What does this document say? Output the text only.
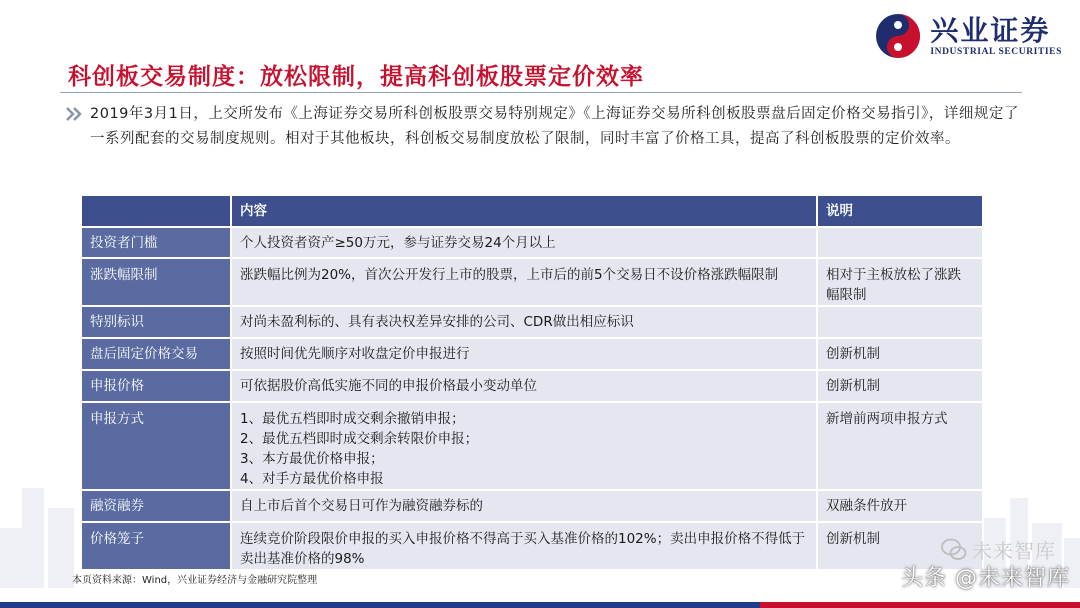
兴业证券
INDUSTRIAL SECURITIES
科创板交易制度：放松限制，提高科创板股票定价效率
2019年3月1日，上交所发布《上海证券交易所科创板股票交易特别规定》《上海证券交易所科创板股票盘后固定价格交易指引》，详细规定了一系列配套的交易制度规则。相对于其他板块，科创板交易制度放松了限制，同时丰富了价格工具，提高了科创板股票的定价效率。
	内容	说明
投资者门槛	个人投资者资产≥50万元，参与证券交易24个月以上	
涨跌幅限制	涨跌幅比例为20%，首次公开发行上市的股票，上市后的前5个交易日不设价格涨跌幅限制	相对于主板放松了涨跌幅限制
特别标识	对尚未盈利标的、具有表决权差异安排的公司、CDR做出相应标识	
盘后固定价格交易	按照时间优先顺序对收盘定价申报进行	创新机制
申报价格	可依据股价高低实施不同的申报价格最小变动单位	创新机制
申报方式	1、最优五档即时成交剩余撤销申报；
2、最优五档即时成交剩余转限价申报；
3、本方最优价格申报；
4、对手方最优价格申报	新增前两项申报方式
融资融券	自上市后首个交易日可作为融资融券标的	双融条件放开
价格笼子	连续竞价阶段限价申报的买入申报价格不得高于买入基准价格的102%；卖出申报价格不得低于卖出基准价格的98%	创新机制	未来智库
头条 @未来智库
本页资料来源：Wind，兴业证券经济与金融研究院整理
